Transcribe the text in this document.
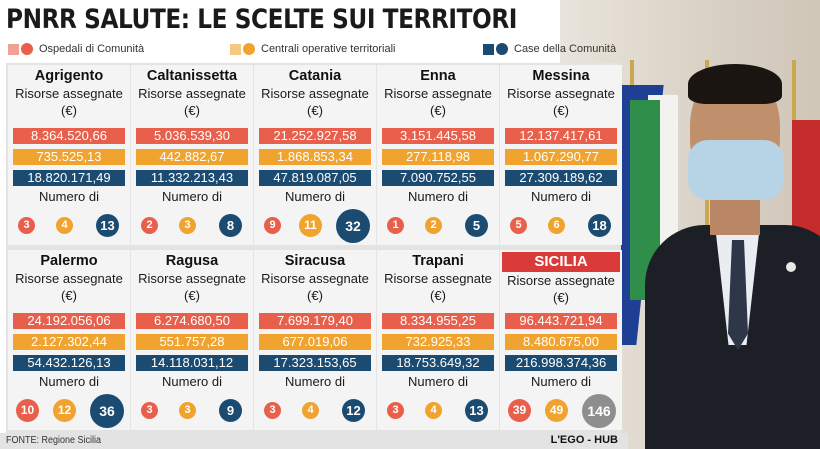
PNRR SALUTE: LE SCELTE SUI TERRITORI
Ospedali di Comunità	Centrali operative territoriali	Case della Comunità
Agrigento
Risorse assegnate
(€)
8.364.520,66
735.525,13
18.820.171,49
Numero di
3	4	13
Caltanissetta
Risorse assegnate
(€)
5.036.539,30
442.882,67
11.332.213,43
Numero di
2	3	8
Catania
Risorse assegnate
(€)
21.252.927,58
1.868.853,34
47.819.087,05
Numero di
9	11	32
Enna
Risorse assegnate
(€)
3.151.445,58
277.118,98
7.090.752,55
Numero di
1	2	5
Messina
Risorse assegnate
(€)
12.137.417,61
1.067.290,77
27.309.189,62
Numero di
5	6	18
Palermo
Risorse assegnate
(€)
24.192.056,06
2.127.302,44
54.432.126,13
Numero di
10	12	36
Ragusa
Risorse assegnate
(€)
6.274.680,50
551.757,28
14.118.031,12
Numero di
3	3	9
Siracusa
Risorse assegnate
(€)
7.699.179,40
677.019,06
17.323.153,65
Numero di
3	4	12
Trapani
Risorse assegnate
(€)
8.334.955,25
732.925,33
18.753.649,32
Numero di
3	4	13
SICILIA
Risorse assegnate
(€)
96.443.721,94
8.480.675,00
216.998.374,36
Numero di
39	49	146
FONTE: Regione Sicilia	L'EGO - HUB
